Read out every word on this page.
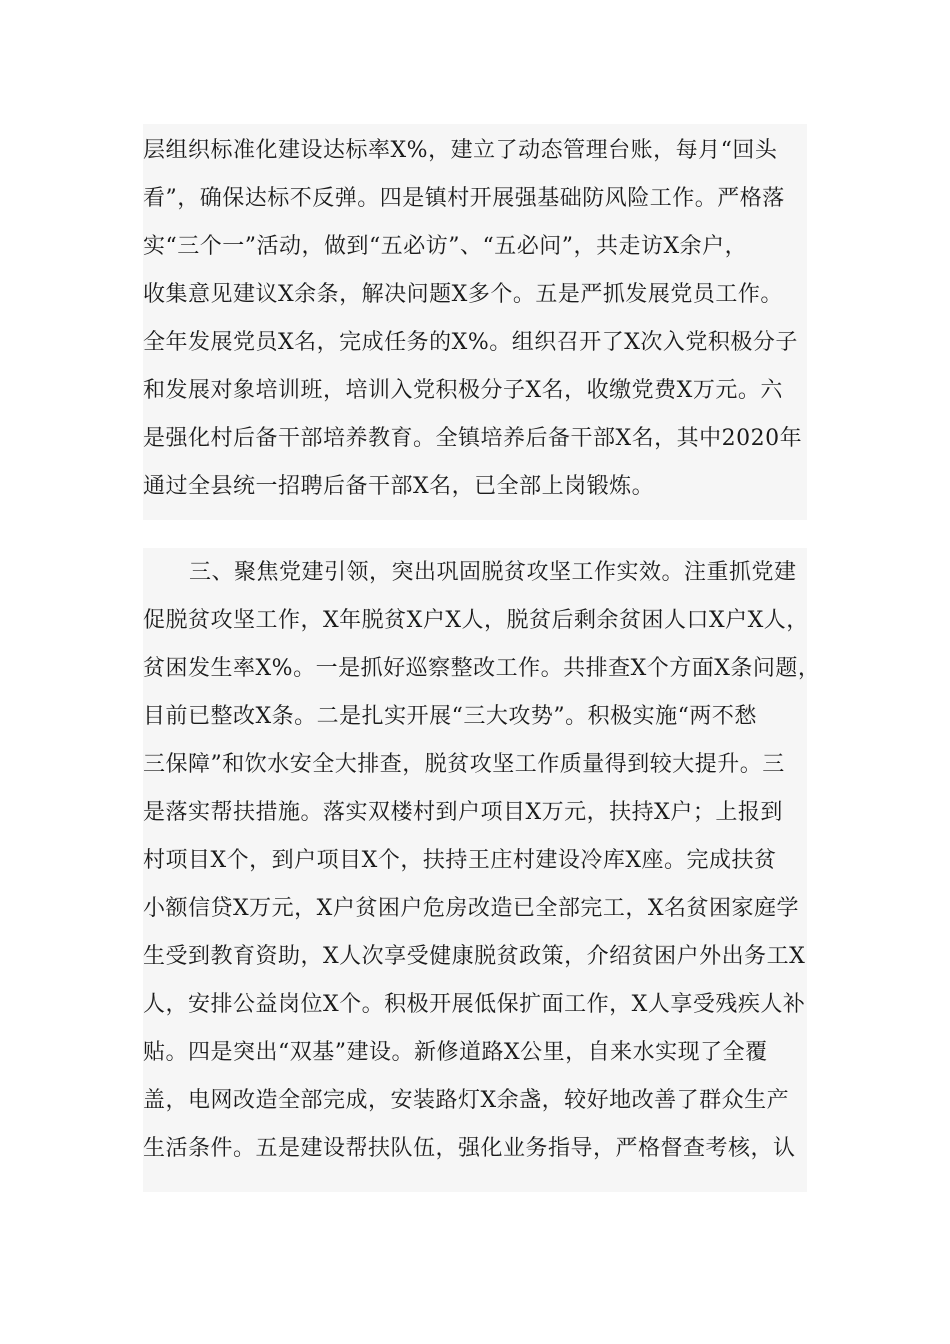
层组织标准化建设达标率X%，建立了动态管理台账，每月“回头
看”，确保达标不反弹。四是镇村开展强基础防风险工作。严格落
实“三个一”活动，做到“五必访”、“五必问”，共走访X余户，
收集意见建议X余条，解决问题X多个。五是严抓发展党员工作。
全年发展党员X名，完成任务的X%。组织召开了X次入党积极分子
和发展对象培训班，培训入党积极分子X名，收缴党费X万元。六
是强化村后备干部培养教育。全镇培养后备干部X名，其中2020年
通过全县统一招聘后备干部X名，已全部上岗锻炼。
三、聚焦党建引领，突出巩固脱贫攻坚工作实效。注重抓党建
促脱贫攻坚工作，X年脱贫X户X人，脱贫后剩余贫困人口X户X人，
贫困发生率X%。一是抓好巡察整改工作。共排查X个方面X条问题，
目前已整改X条。二是扎实开展“三大攻势”。积极实施“两不愁
三保障”和饮水安全大排查，脱贫攻坚工作质量得到较大提升。三
是落实帮扶措施。落实双楼村到户项目X万元，扶持X户；上报到
村项目X个，到户项目X个，扶持王庄村建设冷库X座。完成扶贫
小额信贷X万元，X户贫困户危房改造已全部完工，X名贫困家庭学
生受到教育资助，X人次享受健康脱贫政策，介绍贫困户外出务工X
人，安排公益岗位X个。积极开展低保扩面工作，X人享受残疾人补
贴。四是突出“双基”建设。新修道路X公里，自来水实现了全覆
盖，电网改造全部完成，安装路灯X余盏，较好地改善了群众生产
生活条件。五是建设帮扶队伍，强化业务指导，严格督查考核，认
